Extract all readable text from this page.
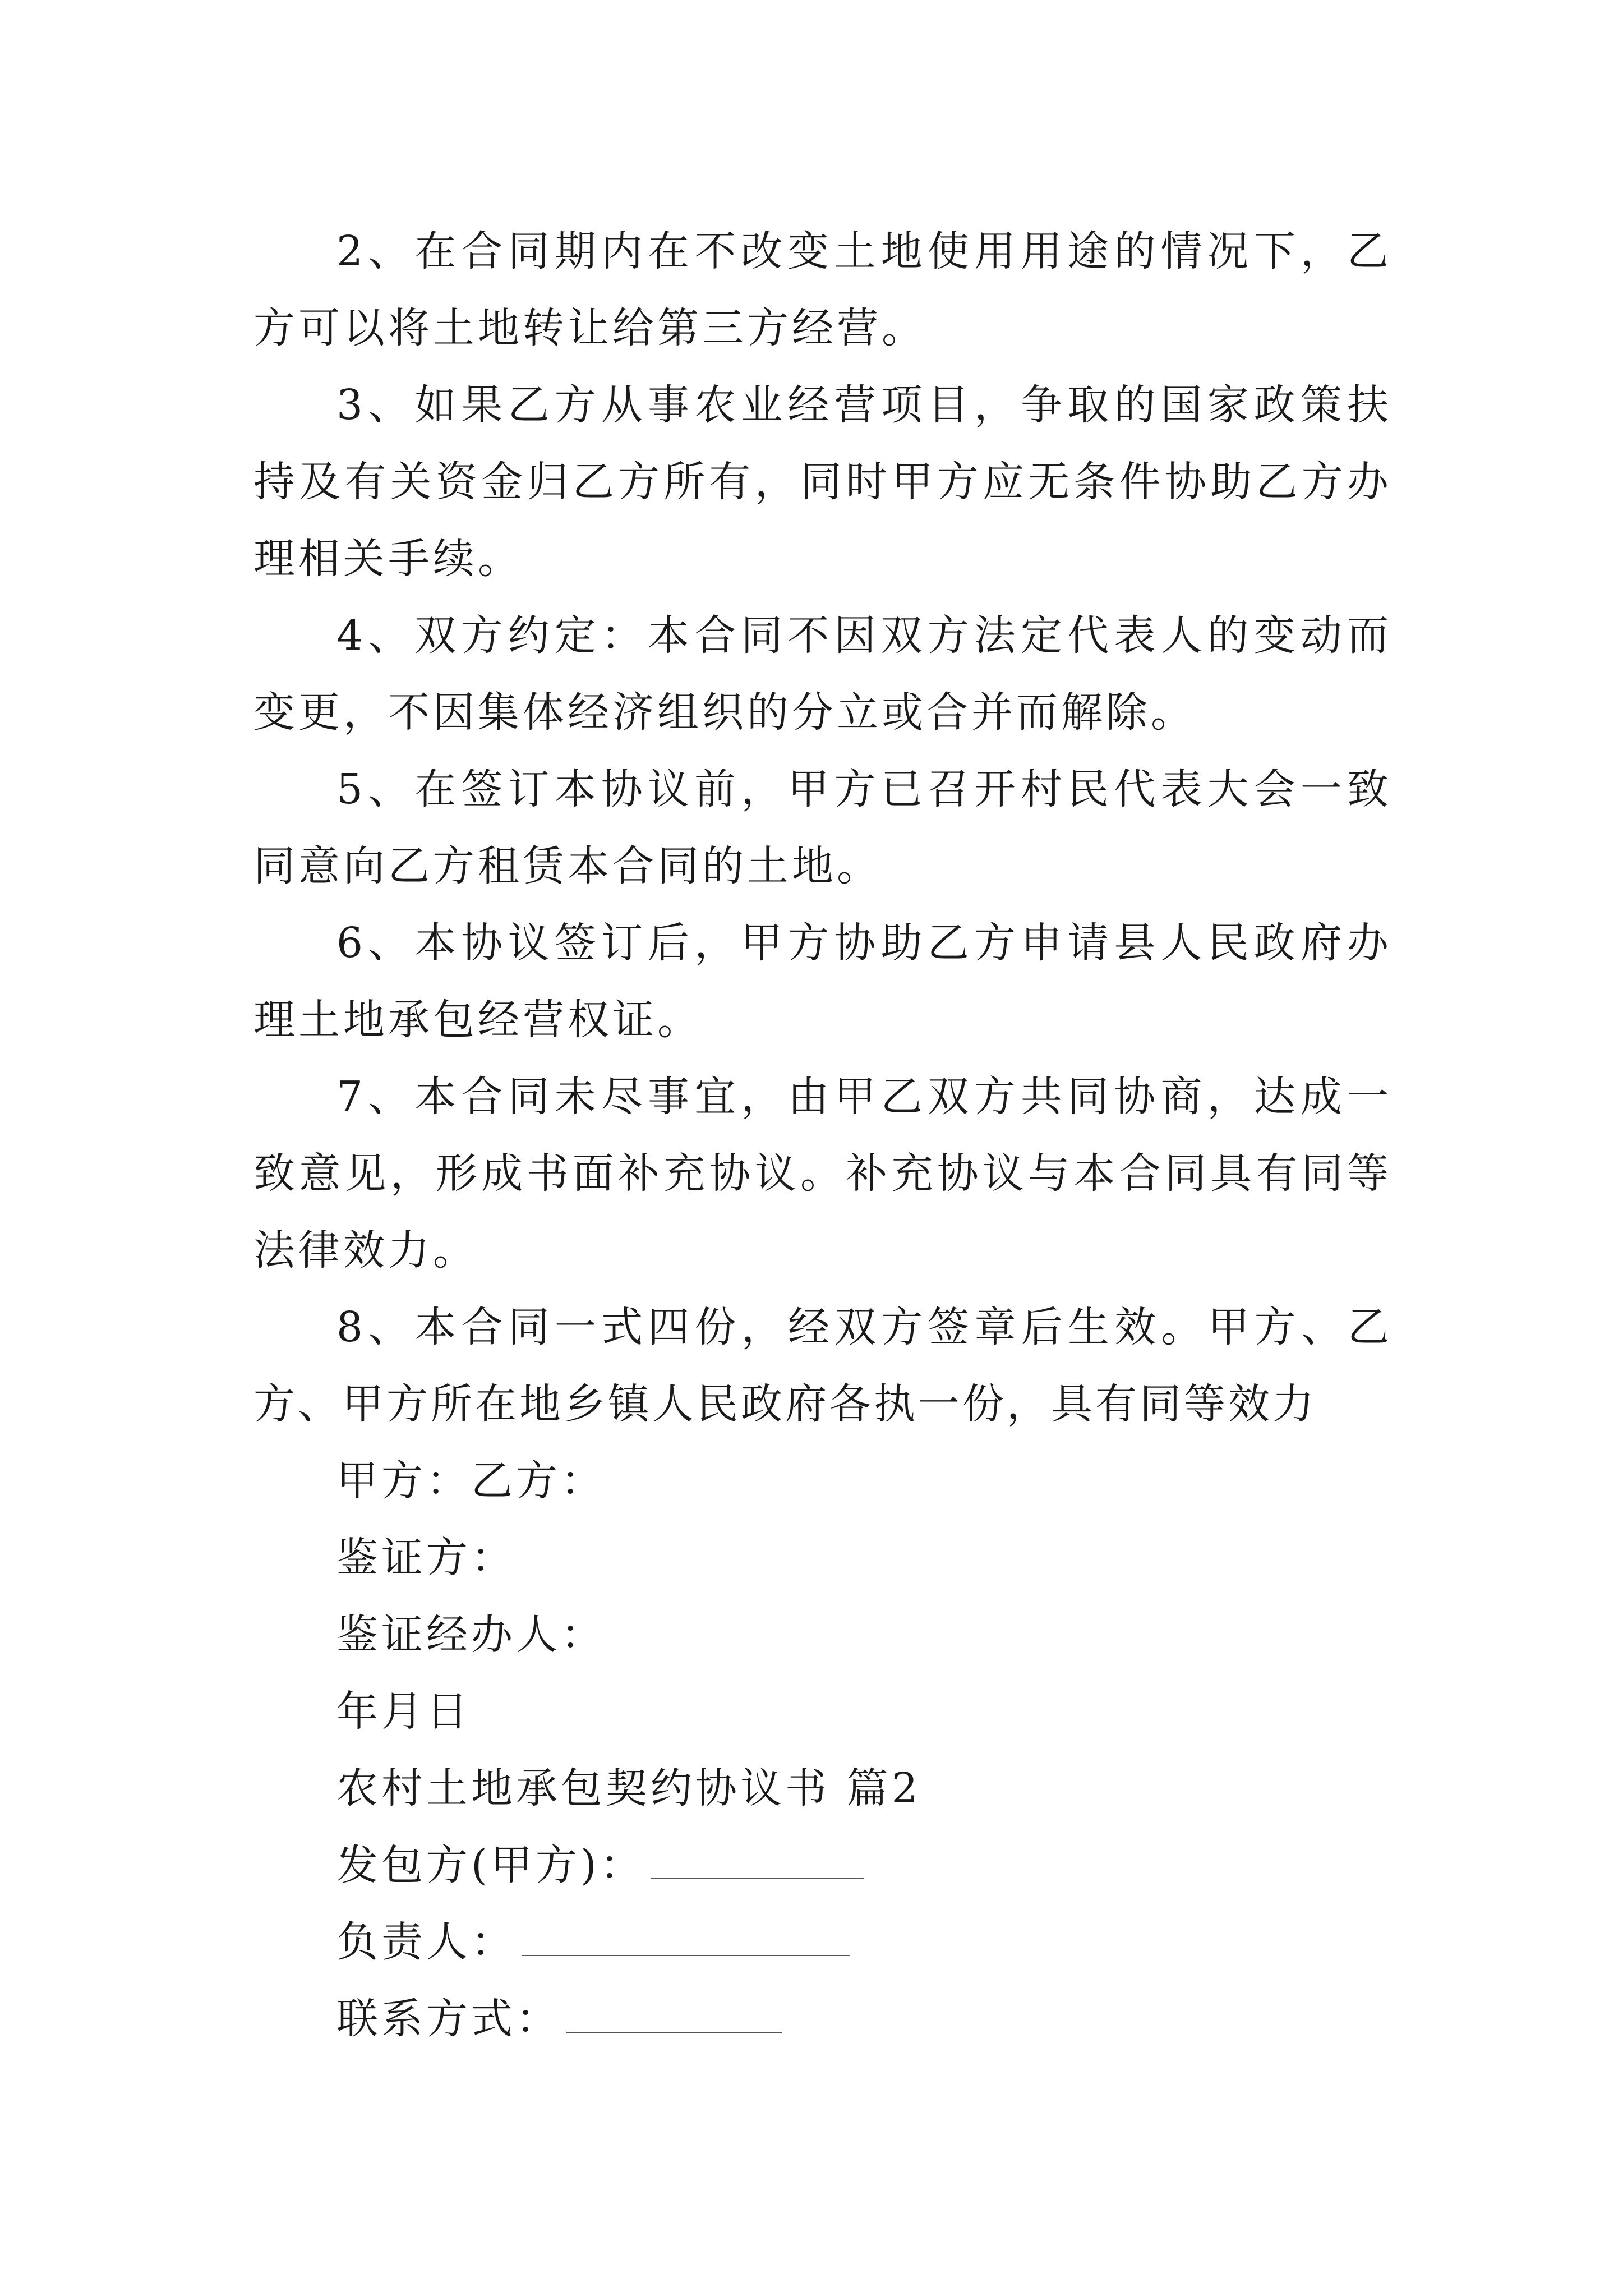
2、在合同期内在不改变土地使用用途的情况下，乙方可以将土地转让给第三方经营。

3、如果乙方从事农业经营项目，争取的国家政策扶持及有关资金归乙方所有，同时甲方应无条件协助乙方办理相关手续。

4、双方约定：本合同不因双方法定代表人的变动而变更，不因集体经济组织的分立或合并而解除。

5、在签订本协议前，甲方已召开村民代表大会一致同意向乙方租赁本合同的土地。

6、本协议签订后，甲方协助乙方申请县人民政府办理土地承包经营权证。

7、本合同未尽事宜，由甲乙双方共同协商，达成一致意见，形成书面补充协议。补充协议与本合同具有同等法律效力。

8、本合同一式四份，经双方签章后生效。甲方、乙方、甲方所在地乡镇人民政府各执一份，具有同等效力

甲方：乙方：

鉴证方：

鉴证经办人：

年月日

农村土地承包契约协议书 篇2

发包方(甲方)：

负责人：

联系方式：
